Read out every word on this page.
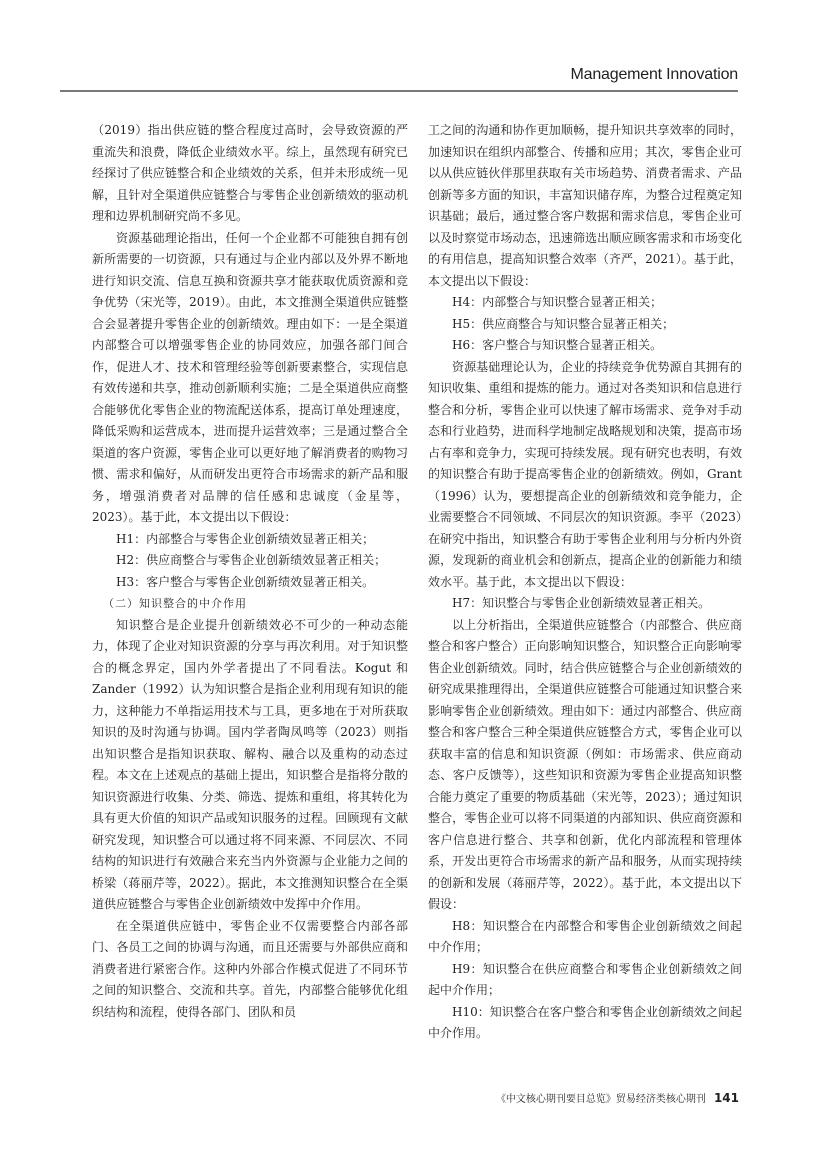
Management Innovation

（2019）指出供应链的整合程度过高时，会导致资源的严重流失和浪费，降低企业绩效水平。综上，虽然现有研究已经探讨了供应链整合和企业绩效的关系，但并未形成统一见解，且针对全渠道供应链整合与零售企业创新绩效的驱动机理和边界机制研究尚不多见。

资源基础理论指出，任何一个企业都不可能独自拥有创新所需要的一切资源，只有通过与企业内部以及外界不断地进行知识交流、信息互换和资源共享才能获取优质资源和竞争优势（宋光等，2019）。由此，本文推测全渠道供应链整合会显著提升零售企业的创新绩效。理由如下：一是全渠道内部整合可以增强零售企业的协同效应，加强各部门间合作，促进人才、技术和管理经验等创新要素整合，实现信息有效传递和共享，推动创新顺利实施；二是全渠道供应商整合能够优化零售企业的物流配送体系，提高订单处理速度，降低采购和运营成本，进而提升运营效率；三是通过整合全渠道的客户资源，零售企业可以更好地了解消费者的购物习惯、需求和偏好，从而研发出更符合市场需求的新产品和服务，增强消费者对品牌的信任感和忠诚度（金星等，2023）。基于此，本文提出以下假设：

H1：内部整合与零售企业创新绩效显著正相关；

H2：供应商整合与零售企业创新绩效显著正相关；

H3：客户整合与零售企业创新绩效显著正相关。

（二）知识整合的中介作用

知识整合是企业提升创新绩效必不可少的一种动态能力，体现了企业对知识资源的分享与再次利用。对于知识整合的概念界定，国内外学者提出了不同看法。Kogut 和 Zander（1992）认为知识整合是指企业利用现有知识的能力，这种能力不单指运用技术与工具，更多地在于对所获取知识的及时沟通与协调。国内学者陶凤鸣等（2023）则指出知识整合是指知识获取、解构、融合以及重构的动态过程。本文在上述观点的基础上提出，知识整合是指将分散的知识资源进行收集、分类、筛选、提炼和重组，将其转化为具有更大价值的知识产品或知识服务的过程。回顾现有文献研究发现，知识整合可以通过将不同来源、不同层次、不同结构的知识进行有效融合来充当内外资源与企业能力之间的桥梁（蒋丽芹等，2022）。据此，本文推测知识整合在全渠道供应链整合与零售企业创新绩效中发挥中介作用。

在全渠道供应链中，零售企业不仅需要整合内部各部门、各员工之间的协调与沟通，而且还需要与外部供应商和消费者进行紧密合作。这种内外部合作模式促进了不同环节之间的知识整合、交流和共享。首先，内部整合能够优化组织结构和流程，使得各部门、团队和员

工之间的沟通和协作更加顺畅，提升知识共享效率的同时，加速知识在组织内部整合、传播和应用；其次，零售企业可以从供应链伙伴那里获取有关市场趋势、消费者需求、产品创新等多方面的知识，丰富知识储存库，为整合过程奠定知识基础；最后，通过整合客户数据和需求信息，零售企业可以及时察觉市场动态，迅速筛选出顺应顾客需求和市场变化的有用信息，提高知识整合效率（齐严，2021）。基于此，本文提出以下假设：

H4：内部整合与知识整合显著正相关；

H5：供应商整合与知识整合显著正相关；

H6：客户整合与知识整合显著正相关。

资源基础理论认为，企业的持续竞争优势源自其拥有的知识收集、重组和提炼的能力。通过对各类知识和信息进行整合和分析，零售企业可以快速了解市场需求、竞争对手动态和行业趋势，进而科学地制定战略规划和决策，提高市场占有率和竞争力，实现可持续发展。现有研究也表明，有效的知识整合有助于提高零售企业的创新绩效。例如，Grant（1996）认为，要想提高企业的创新绩效和竞争能力，企业需要整合不同领域、不同层次的知识资源。李平（2023）在研究中指出，知识整合有助于零售企业利用与分析内外资源，发现新的商业机会和创新点，提高企业的创新能力和绩效水平。基于此，本文提出以下假设：

H7：知识整合与零售企业创新绩效显著正相关。

以上分析指出，全渠道供应链整合（内部整合、供应商整合和客户整合）正向影响知识整合，知识整合正向影响零售企业创新绩效。同时，结合供应链整合与企业创新绩效的研究成果推理得出，全渠道供应链整合可能通过知识整合来影响零售企业创新绩效。理由如下：通过内部整合、供应商整合和客户整合三种全渠道供应链整合方式，零售企业可以获取丰富的信息和知识资源（例如：市场需求、供应商动态、客户反馈等），这些知识和资源为零售企业提高知识整合能力奠定了重要的物质基础（宋光等，2023）；通过知识整合，零售企业可以将不同渠道的内部知识、供应商资源和客户信息进行整合、共享和创新，优化内部流程和管理体系，开发出更符合市场需求的新产品和服务，从而实现持续的创新和发展（蒋丽芹等，2022）。基于此，本文提出以下假设：

H8：知识整合在内部整合和零售企业创新绩效之间起中介作用；

H9：知识整合在供应商整合和零售企业创新绩效之间起中介作用；

H10：知识整合在客户整合和零售企业创新绩效之间起中介作用。

《中文核心期刊要目总览》贸易经济类核心期刊 141
